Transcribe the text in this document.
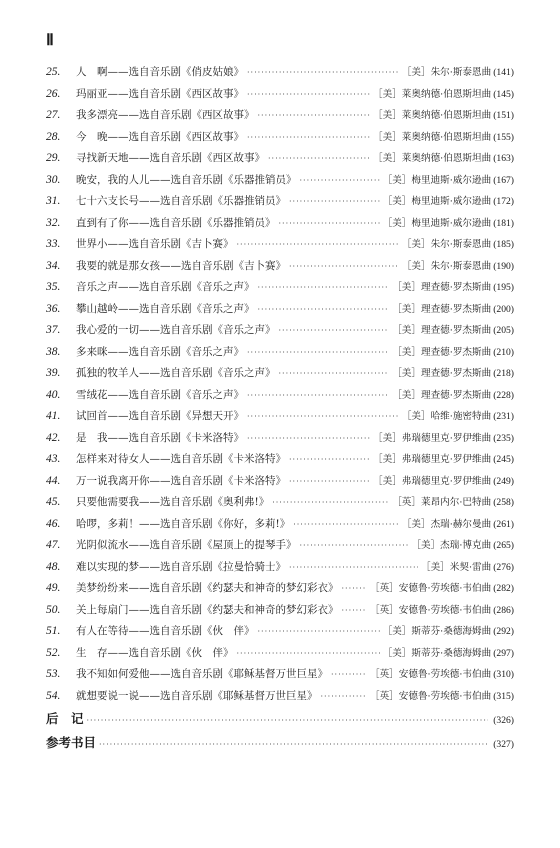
Ⅱ
25.	人　啊——选自音乐剧《俏皮姑娘》 ·····	［美］朱尔·斯泰恩曲 (141)
26.	玛丽亚——选自音乐剧《西区故事》 ·····	［美］莱奥纳德·伯恩斯坦曲 (145)
27.	我多漂亮——选自音乐剧《西区故事》 ·····	［美］莱奥纳德·伯恩斯坦曲 (151)
28.	今　晚——选自音乐剧《西区故事》 ·····	［美］莱奥纳德·伯恩斯坦曲 (155)
29.	寻找新天地——选自音乐剧《西区故事》 ·····	［美］莱奥纳德·伯恩斯坦曲 (163)
30.	晚安，我的人儿——选自音乐剧《乐器推销员》 ·····	［美］梅里迪斯·威尔逊曲 (167)
31.	七十六支长号——选自音乐剧《乐器推销员》 ·····	［美］梅里迪斯·威尔逊曲 (172)
32.	直到有了你——选自音乐剧《乐器推销员》 ·····	［美］梅里迪斯·威尔逊曲 (181)
33.	世界小——选自音乐剧《吉卜赛》 ·····	［美］朱尔·斯泰恩曲 (185)
34.	我要的就是那女孩——选自音乐剧《吉卜赛》 ·····	［美］朱尔·斯泰恩曲 (190)
35.	音乐之声——选自音乐剧《音乐之声》 ·····	［美］理查德·罗杰斯曲 (195)
36.	攀山越岭——选自音乐剧《音乐之声》 ·····	［美］理查德·罗杰斯曲 (200)
37.	我心爱的一切——选自音乐剧《音乐之声》 ·····	［美］理查德·罗杰斯曲 (205)
38.	多来咪——选自音乐剧《音乐之声》 ·····	［美］理查德·罗杰斯曲 (210)
39.	孤独的牧羊人——选自音乐剧《音乐之声》 ·····	［美］理查德·罗杰斯曲 (218)
40.	雪绒花——选自音乐剧《音乐之声》 ·····	［美］理查德·罗杰斯曲 (228)
41.	试回首——选自音乐剧《异想天开》 ·····	［美］哈维·施密特曲 (231)
42.	是　我——选自音乐剧《卡米洛特》 ·····	［美］弗瑞德里克·罗伊维曲 (235)
43.	怎样来对待女人——选自音乐剧《卡米洛特》 ·····	［美］弗瑞德里克·罗伊维曲 (245)
44.	万一说我离开你——选自音乐剧《卡米洛特》 ·····	［美］弗瑞德里克·罗伊维曲 (249)
45.	只要他需要我——选自音乐剧《奥利弗!》 ·····	［英］莱昂内尔·巴特曲 (258)
46.	哈啰，多莉！——选自音乐剧《你好，多莉!》 ·····	［美］杰瑞·赫尔曼曲 (261)
47.	光阴似流水——选自音乐剧《屋顶上的提琴手》 ·····	［美］杰瑞·博克曲 (265)
48.	难以实现的梦——选自音乐剧《拉曼恰骑士》 ·····	［美］米契·雷曲 (276)
49.	美梦纷纷来——选自音乐剧《约瑟夫和神奇的梦幻彩衣》 ·····	［英］安德鲁·劳埃德·韦伯曲 (282)
50.	关上每扇门——选自音乐剧《约瑟夫和神奇的梦幻彩衣》 ·····	［英］安德鲁·劳埃德·韦伯曲 (286)
51.	有人在等待——选自音乐剧《伙　伴》 ·····	［美］斯蒂芬·桑德海姆曲 (292)
52.	生　存——选自音乐剧《伙　伴》 ·····	［美］斯蒂芬·桑德海姆曲 (297)
53.	我不知如何爱他——选自音乐剧《耶稣基督万世巨星》 ·····	［英］安德鲁·劳埃德·韦伯曲 (310)
54.	就想要说一说——选自音乐剧《耶稣基督万世巨星》 ·····	［英］安德鲁·劳埃德·韦伯曲 (315)
后　记 ·····	(326)
参考书目 ·····	(327)
